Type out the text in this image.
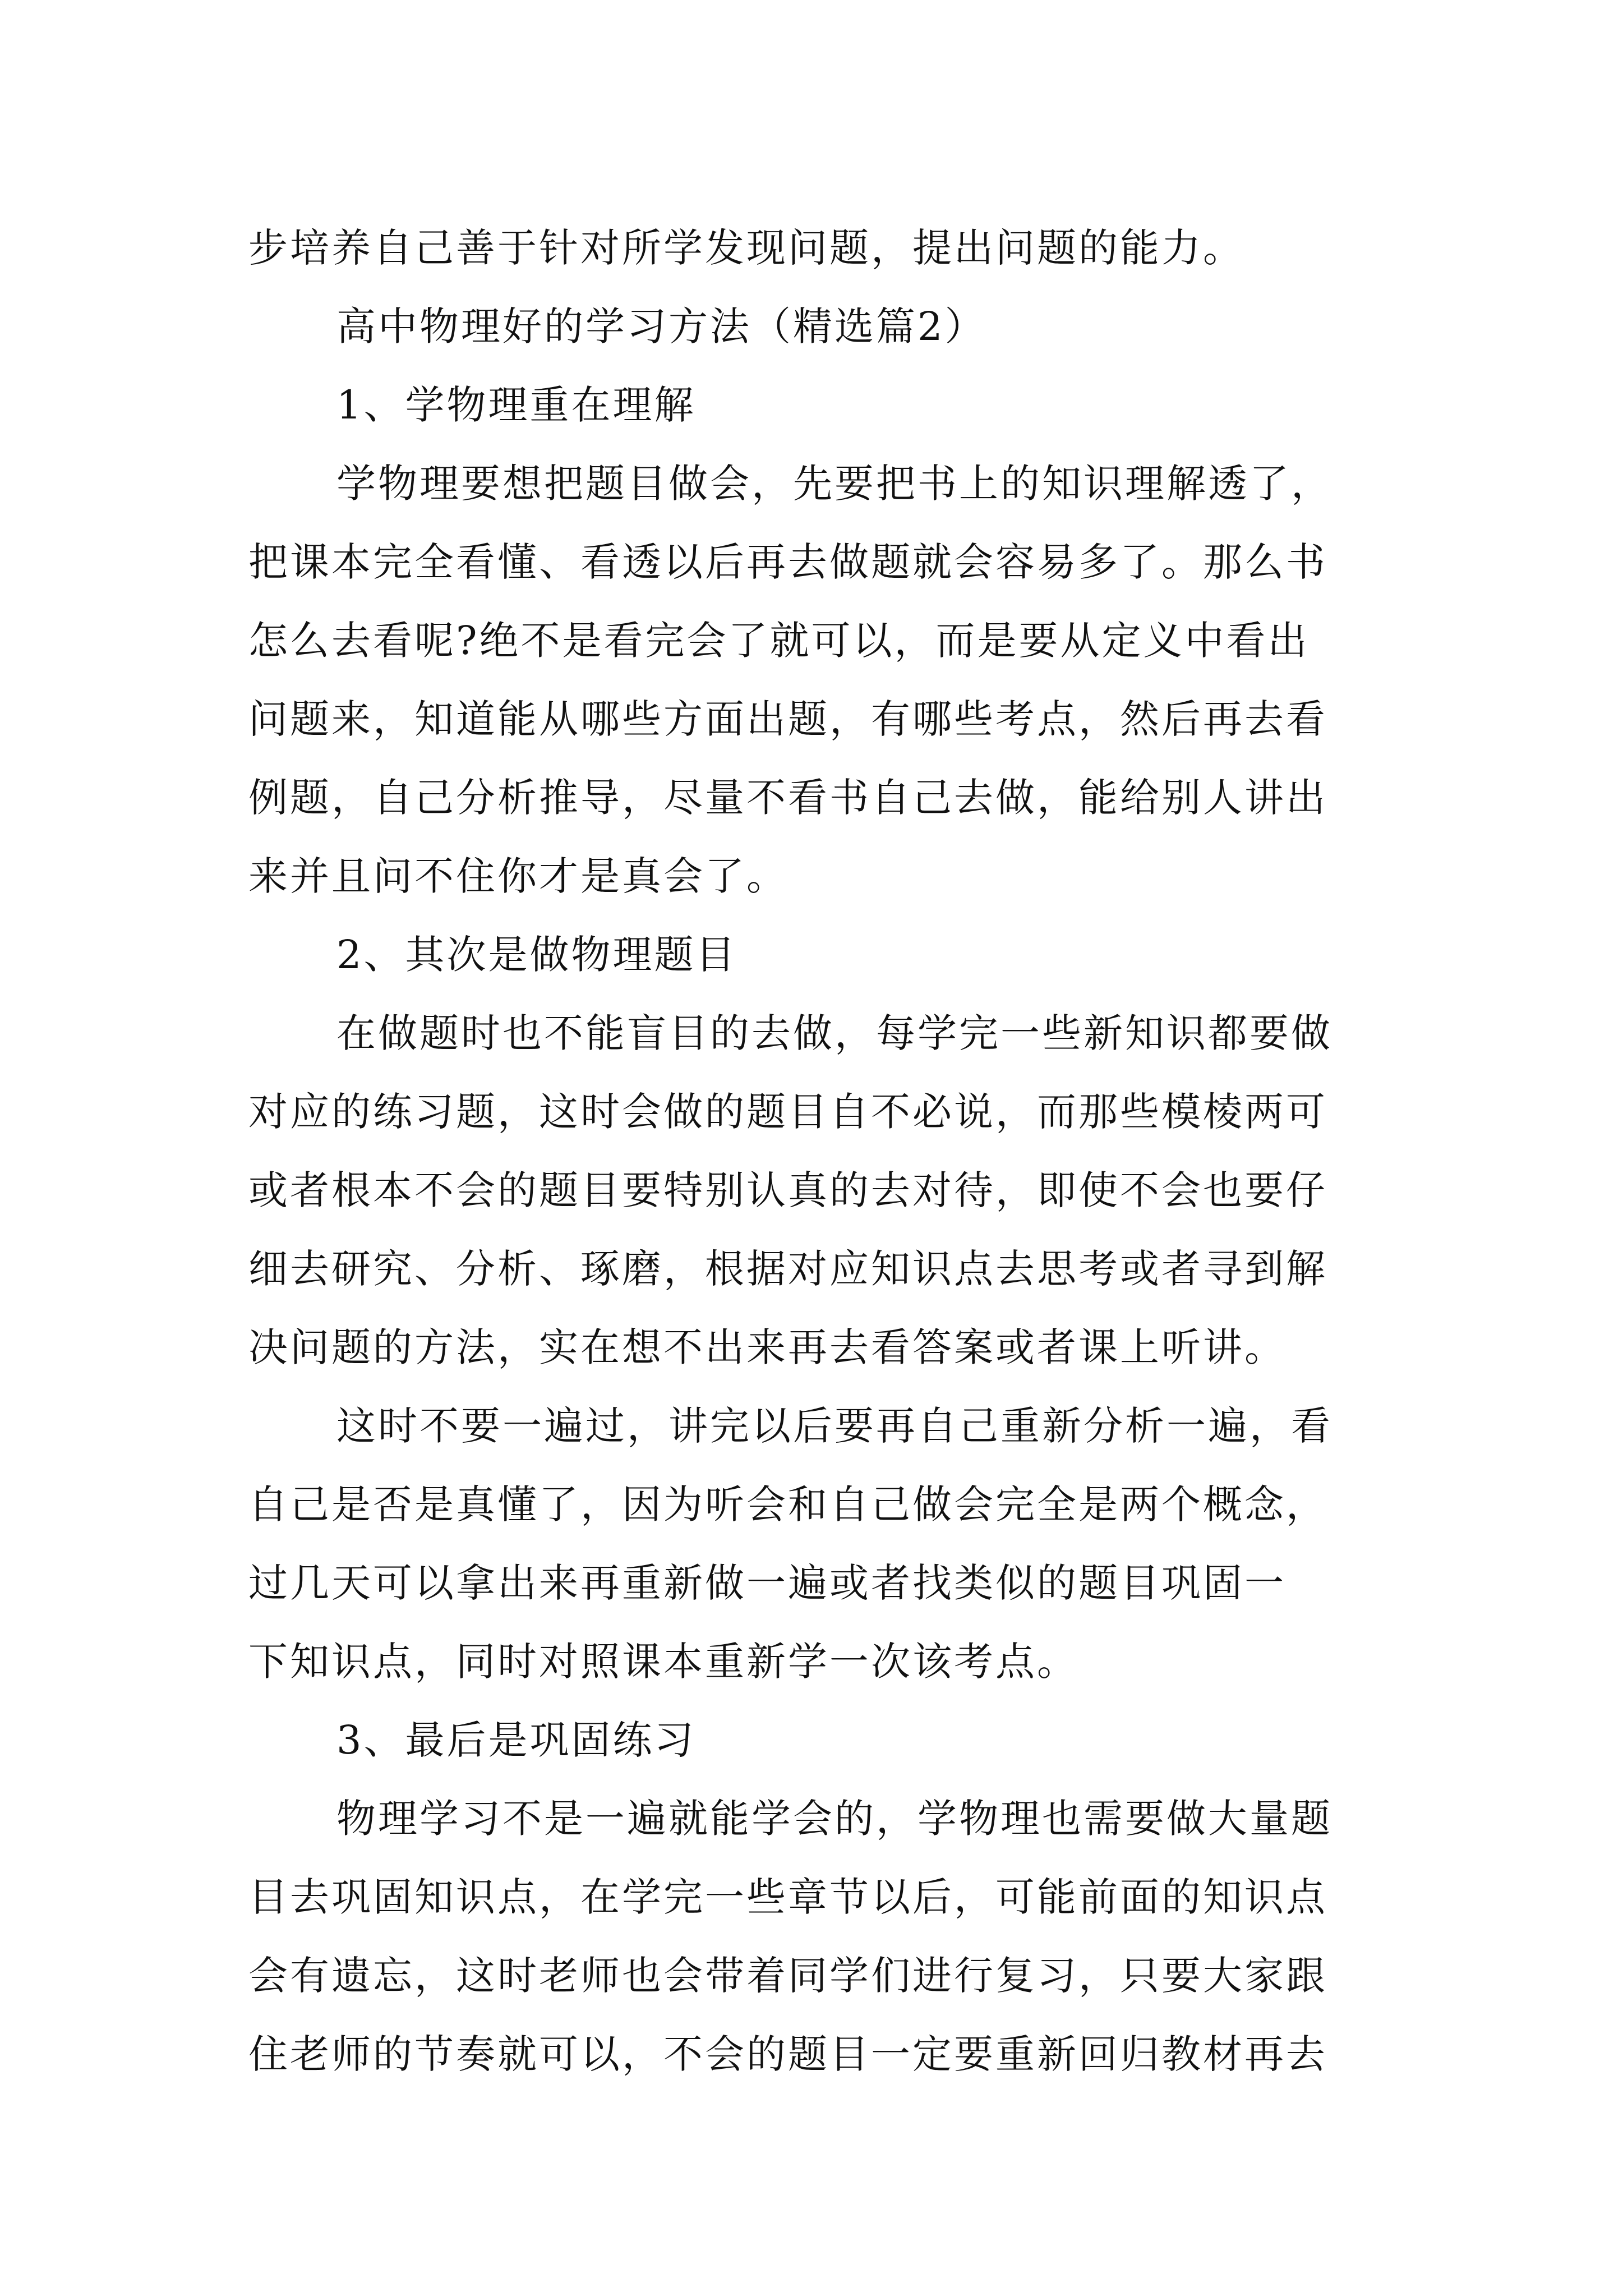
步培养自己善于针对所学发现问题，提出问题的能力。
高中物理好的学习方法（精选篇2）
1、学物理重在理解
学物理要想把题目做会，先要把书上的知识理解透了，
把课本完全看懂、看透以后再去做题就会容易多了。那么书
怎么去看呢?绝不是看完会了就可以，而是要从定义中看出
问题来，知道能从哪些方面出题，有哪些考点，然后再去看
例题，自己分析推导，尽量不看书自己去做，能给别人讲出
来并且问不住你才是真会了。
2、其次是做物理题目
在做题时也不能盲目的去做，每学完一些新知识都要做
对应的练习题，这时会做的题目自不必说，而那些模棱两可
或者根本不会的题目要特别认真的去对待，即使不会也要仔
细去研究、分析、琢磨，根据对应知识点去思考或者寻到解
决问题的方法，实在想不出来再去看答案或者课上听讲。
这时不要一遍过，讲完以后要再自己重新分析一遍，看
自己是否是真懂了，因为听会和自己做会完全是两个概念，
过几天可以拿出来再重新做一遍或者找类似的题目巩固一
下知识点，同时对照课本重新学一次该考点。
3、最后是巩固练习
物理学习不是一遍就能学会的，学物理也需要做大量题
目去巩固知识点，在学完一些章节以后，可能前面的知识点
会有遗忘，这时老师也会带着同学们进行复习，只要大家跟
住老师的节奏就可以，不会的题目一定要重新回归教材再去
